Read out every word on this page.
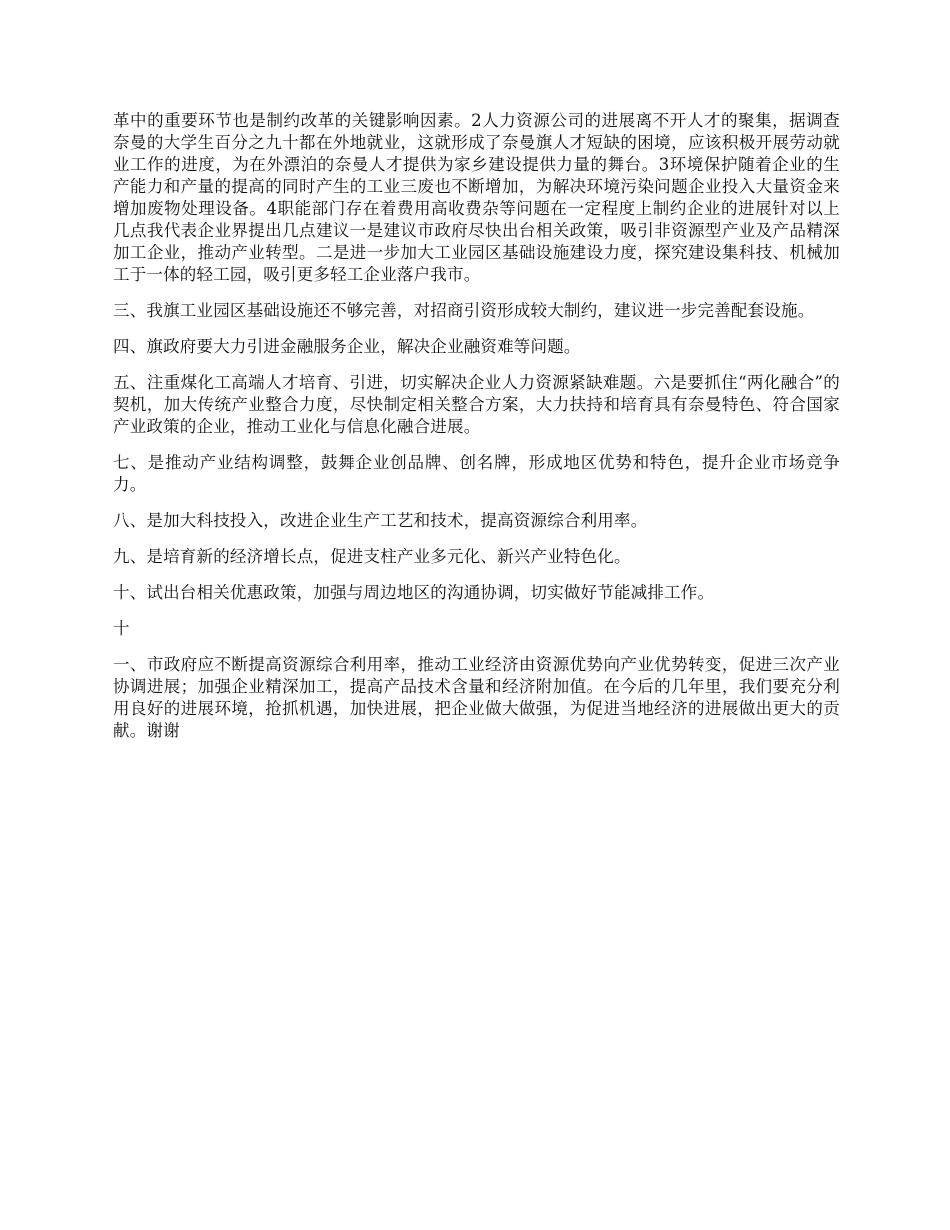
革中的重要环节也是制约改革的关键影响因素。2人力资源公司的进展离不开人才的聚集，据调查奈曼的大学生百分之九十都在外地就业，这就形成了奈曼旗人才短缺的困境，应该积极开展劳动就业工作的进度，为在外漂泊的奈曼人才提供为家乡建设提供力量的舞台。3环境保护随着企业的生产能力和产量的提高的同时产生的工业三废也不断增加，为解决环境污染问题企业投入大量资金来增加废物处理设备。4职能部门存在着费用高收费杂等问题在一定程度上制约企业的进展针对以上几点我代表企业界提出几点建议一是建议市政府尽快出台相关政策，吸引非资源型产业及产品精深加工企业，推动产业转型。二是进一步加大工业园区基础设施建设力度，探究建设集科技、机械加工于一体的轻工园，吸引更多轻工企业落户我市。

三、我旗工业园区基础设施还不够完善，对招商引资形成较大制约，建议进一步完善配套设施。

四、旗政府要大力引进金融服务企业，解决企业融资难等问题。

五、注重煤化工高端人才培育、引进，切实解决企业人力资源紧缺难题。六是要抓住“两化融合”的契机，加大传统产业整合力度，尽快制定相关整合方案，大力扶持和培育具有奈曼特色、符合国家产业政策的企业，推动工业化与信息化融合进展。

七、是推动产业结构调整，鼓舞企业创品牌、创名牌，形成地区优势和特色，提升企业市场竞争力。

八、是加大科技投入，改进企业生产工艺和技术，提高资源综合利用率。

九、是培育新的经济增长点，促进支柱产业多元化、新兴产业特色化。

十、试出台相关优惠政策，加强与周边地区的沟通协调，切实做好节能减排工作。

十

一、市政府应不断提高资源综合利用率，推动工业经济由资源优势向产业优势转变，促进三次产业协调进展；加强企业精深加工，提高产品技术含量和经济附加值。在今后的几年里，我们要充分利用良好的进展环境，抢抓机遇，加快进展，把企业做大做强，为促进当地经济的进展做出更大的贡献。谢谢
